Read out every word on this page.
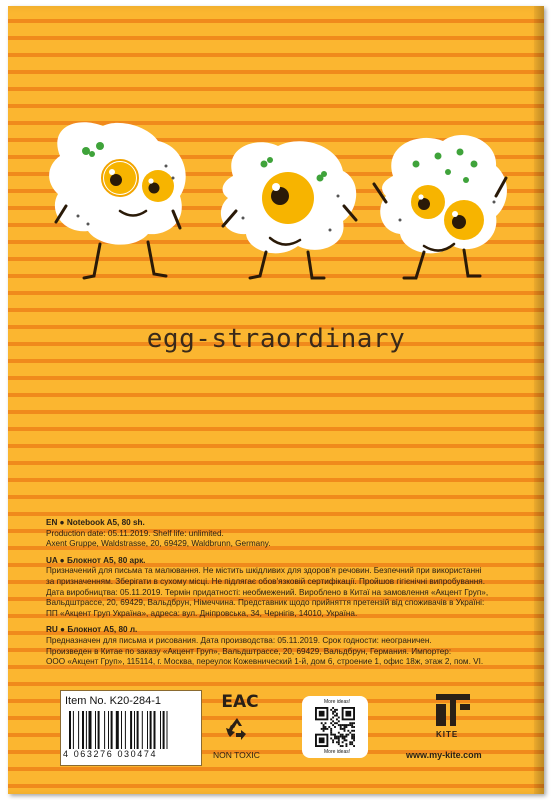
egg-straordinary

EN ● Notebook A5, 80 sh.

Production date: 05.11.2019. Shelf life: unlimited.

Axent Gruppe, Waldstrasse, 20, 69429, Waldbrunn, Germany.

UA ● Блокнот А5, 80 арк.

Призначений для письма та малювання. Не містить шкідливих для здоров'я речовин. Безпечний при використанні

за призначенням. Зберігати в сухому місці. Не підлягає обов'язковій сертифікації. Пройшов гігієнічні випробування.

Дата виробництва: 05.11.2019. Термін придатності: необмежений. Вироблено в Китаї на замовлення «Акцент Груп»,

Вальдштрассе, 20, 69429, Вальдбрун, Німеччина. Представник щодо прийняття претензій від споживачів в Україні:

ПП «Акцент Груп Україна», адреса: вул. Дніпровська, 34, Чернігів, 14010, Україна.

RU ● Блокнот А5, 80 л.

Предназначен для письма и рисования. Дата производства: 05.11.2019. Срок годности: неограничен.

Произведен в Китае по заказу «Акцент Груп», Вальдштрассе, 20, 69429, Вальдбрун, Германия. Импортер:

ООО «Акцент Груп», 115114, г. Москва, переулок Кожевнический 1-й, дом 6, строение 1, офис 18ж, этаж 2, пом. VI.

Item No. K20-284-1
4 063276 030474
EAC
NON TOXIC
More ideas!
More ideas!
KITE
www.my-kite.com
